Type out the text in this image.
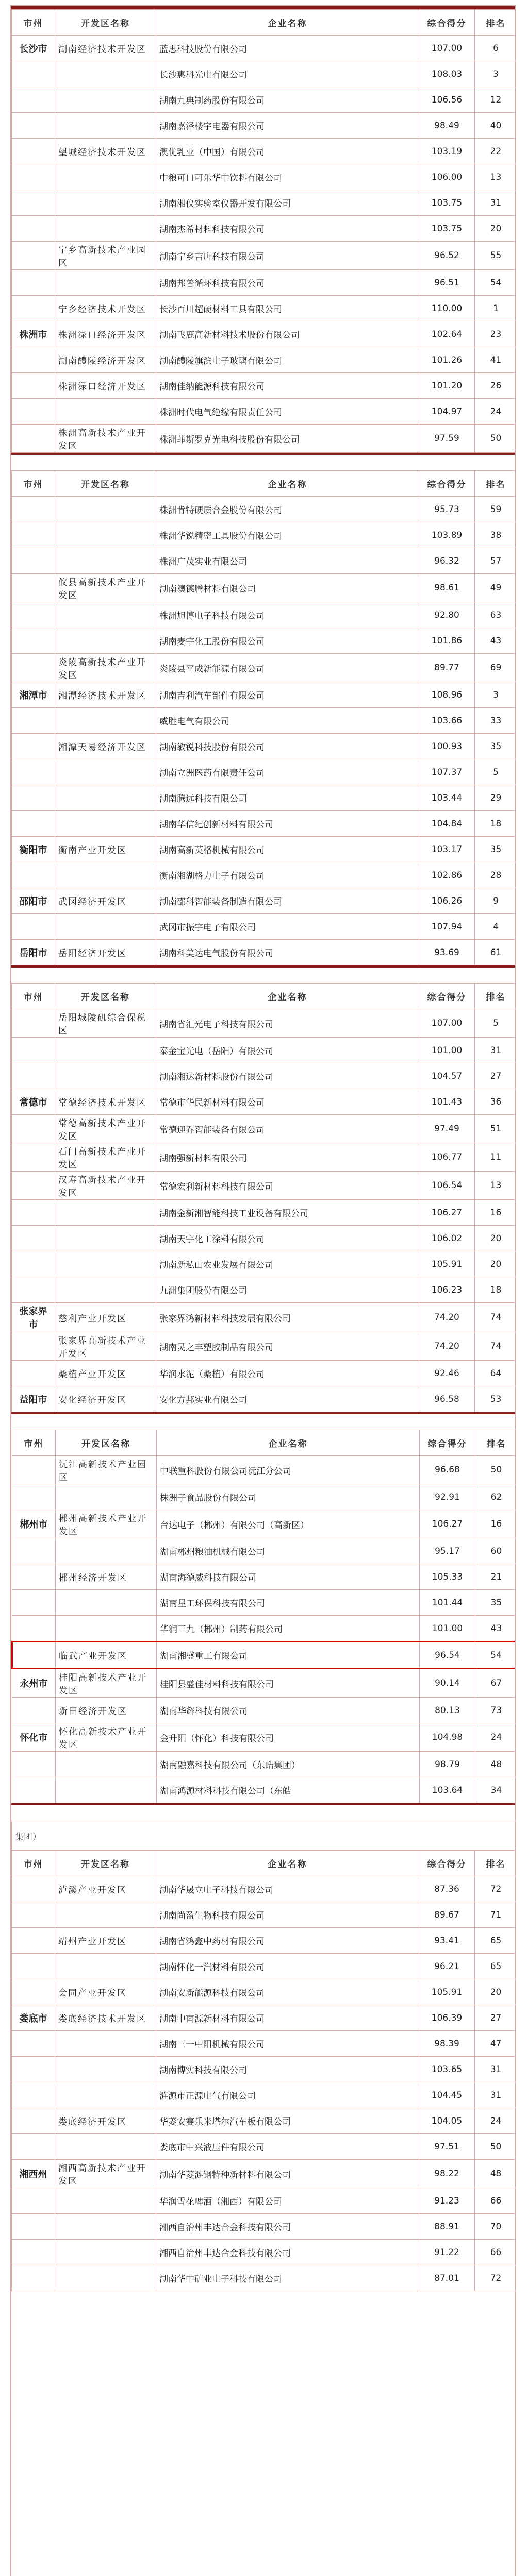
市州	开发区名称	企业名称	综合得分	排名
长沙市	湖南经济技术开发区	蓝思科技股份有限公司	107.00	6
		长沙惠科光电有限公司	108.03	3
		湖南九典制药股份有限公司	106.56	12
		湖南嘉泽楼宇电器有限公司	98.49	40
	望城经济技术开发区	澳优乳业（中国）有限公司	103.19	22
		中粮可口可乐华中饮料有限公司	106.00	13
		湖南湘仪实验室仪器开发有限公司	103.75	31
		湖南杰希材料科技有限公司	103.75	20
	宁乡高新技术产业园区	湖南宁乡吉唐科技有限公司	96.52	55
		湖南邦普循环科技有限公司	96.51	54
	宁乡经济技术开发区	长沙百川超硬材料工具有限公司	110.00	1
株洲市	株洲渌口经济开发区	湖南飞鹿高新材料技术股份有限公司	102.64	23
	湖南醴陵经济开发区	湖南醴陵旗滨电子玻璃有限公司	101.26	41
	株洲渌口经济开发区	湖南佳纳能源科技有限公司	101.20	26
		株洲时代电气绝缘有限责任公司	104.97	24
	株洲高新技术产业开发区	株洲菲斯罗克光电科技股份有限公司	97.59	50
市州	开发区名称	企业名称	综合得分	排名
		株洲肯特硬质合金股份有限公司	95.73	59
		株洲华锐精密工具股份有限公司	103.89	38
		株洲广茂实业有限公司	96.32	57
	攸县高新技术产业开发区	湖南澳德腾材料有限公司	98.61	49
		株洲旭博电子科技有限公司	92.80	63
		湖南麦宇化工股份有限公司	101.86	43
	炎陵高新技术产业开发区	炎陵县平成新能源有限公司	89.77	69
湘潭市	湘潭经济技术开发区	湖南吉利汽车部件有限公司	108.96	3
		威胜电气有限公司	103.66	33
	湘潭天易经济开发区	湖南敏锐科技股份有限公司	100.93	35
		湖南立洲医药有限责任公司	107.37	5
		湖南腾远科技有限公司	103.44	29
		湖南华信纪创新材料有限公司	104.84	18
衡阳市	衡南产业开发区	湖南高新英格机械有限公司	103.17	35
		衡南湘湖格力电子有限公司	102.86	28
邵阳市	武冈经济开发区	湖南邵科智能装备制造有限公司	106.26	9
		武冈市振宇电子有限公司	107.94	4
岳阳市	岳阳经济开发区	湖南科美达电气股份有限公司	93.69	61
市州	开发区名称	企业名称	综合得分	排名
	岳阳城陵矶综合保税区	湖南省汇光电子科技有限公司	107.00	5
		泰金宝光电（岳阳）有限公司	101.00	31
		湖南湘达新材料股份有限公司	104.57	27
常德市	常德经济技术开发区	常德市华民新材料有限公司	101.43	36
	常德高新技术产业开发区	常德迎乔智能装备有限公司	97.49	51
	石门高新技术产业开发区	湖南强新材料有限公司	106.77	11
	汉寿高新技术产业开发区	常德宏利新材料科技有限公司	106.54	13
		湖南金新湘智能科技工业设备有限公司	106.27	16
		湖南天宇化工涂料有限公司	106.02	20
		湖南新私山农业发展有限公司	105.91	20
		九洲集团股份有限公司	106.23	18
张家界市	慈利产业开发区	张家界鸿新材料科技发展有限公司	74.20	74
	张家界高新技术产业开发区	湖南灵之丰塑胶制品有限公司	74.20	74
	桑植产业开发区	华润水泥（桑植）有限公司	92.46	64
益阳市	安化经济开发区	安化方邦实业有限公司	96.58	53
市州	开发区名称	企业名称	综合得分	排名
	沅江高新技术产业园区	中联重科股份有限公司沅江分公司	96.68	50
		株洲子食品股份有限公司	92.91	62
郴州市	郴州高新技术产业开发区	台达电子（郴州）有限公司（高新区）	106.27	16
		湖南郴州粮油机械有限公司	95.17	60
	郴州经济开发区	湖南海德威科技有限公司	105.33	21
		湖南星工环保科技有限公司	101.44	35
		华润三九（郴州）制药有限公司	101.00	43
	临武产业开发区	湖南湘盛重工有限公司	96.54	54
永州市	桂阳高新技术产业开发区	桂阳县盛佳材料科技有限公司	90.14	67
	新田经济开发区	湖南华辉科技有限公司	80.13	73
怀化市	怀化高新技术产业开发区	金升阳（怀化）科技有限公司	104.98	24
		湖南融嘉科技有限公司（东皓集团）	98.79	48
		湖南鸿源材料科技有限公司（东皓	103.64	34
集团）				
市州	开发区名称	企业名称	综合得分	排名
	泸溪产业开发区	湖南华晟立电子科技有限公司	87.36	72
		湖南尚盈生物科技有限公司	89.67	71
	靖州产业开发区	湖南省鸿鑫中药材有限公司	93.41	65
		湖南怀化一汽材料有限公司	96.21	65
	会同产业开发区	湖南安新能源科技有限公司	105.91	20
娄底市	娄底经济技术开发区	湖南中南源新材料有限公司	106.39	27
		湖南三一中阳机械有限公司	98.39	47
		湖南博实科技有限公司	103.65	31
		涟源市正源电气有限公司	104.45	31
	娄底经济开发区	华菱安赛乐米塔尔汽车板有限公司	104.05	24
		娄底市中兴液压件有限公司	97.51	50
湘西州	湘西高新技术产业开发区	湖南华菱涟钢特种新材料有限公司	98.22	48
		华润雪花啤酒（湘西）有限公司	91.23	66
		湘西自治州丰达合金科技有限公司	88.91	70
		湘西自治州丰达合金科技有限公司	91.22	66
		湖南华中矿业电子科技有限公司	87.01	72
